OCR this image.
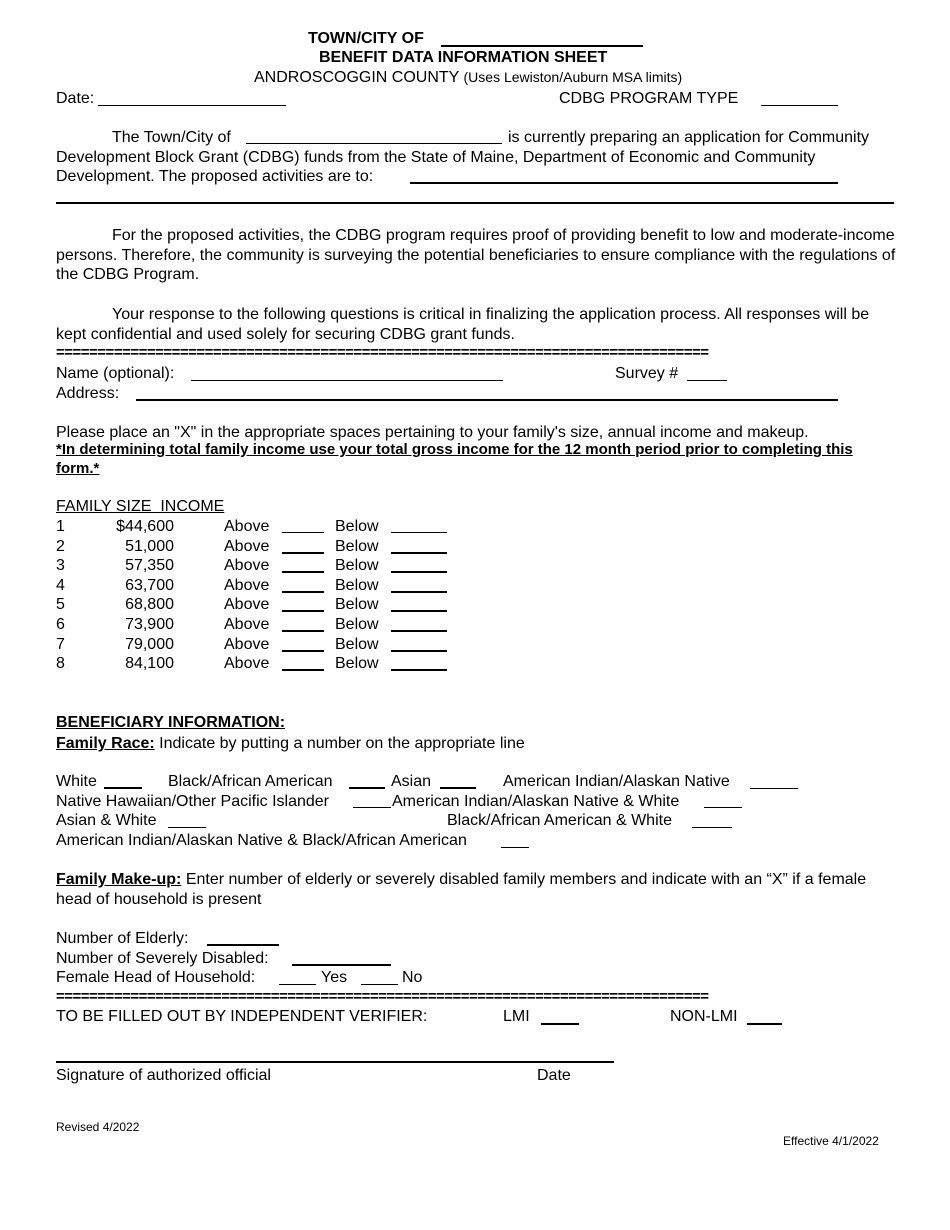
TOWN/CITY OF
BENEFIT DATA INFORMATION SHEET
ANDROSCOGGIN COUNTY (Uses Lewiston/Auburn MSA limits)
Date:	CDBG PROGRAM TYPE
The Town/City of	is currently preparing an application for Community
Development Block Grant (CDBG) funds from the State of Maine, Department of Economic and Community
Development. The proposed activities are to:
For the proposed activities, the CDBG program requires proof of providing benefit to low and moderate-income persons. Therefore, the community is surveying the potential beneficiaries to ensure compliance with the regulations of the CDBG Program.
Your response to the following questions is critical in finalizing the application process. All responses will be kept confidential and used solely for securing CDBG grant funds.
===============================================================================
Name (optional):	Survey #
Address:
Please place an "X" in the appropriate spaces pertaining to your family's size, annual income and makeup.
*In determining total family income use your total gross income for the 12 month period prior to completing this form.*
FAMILY SIZE  INCOME
1	$44,600	Above	Below
2	51,000	Above	Below
3	57,350	Above	Below
4	63,700	Above	Below
5	68,800	Above	Below
6	73,900	Above	Below
7	79,000	Above	Below
8	84,100	Above	Below
BENEFICIARY INFORMATION:
Family Race: Indicate by putting a number on the appropriate line
White	Black/African American	Asian	American Indian/Alaskan Native
Native Hawaiian/Other Pacific Islander	American Indian/Alaskan Native & White
Asian & White	Black/African American & White
American Indian/Alaskan Native & Black/African American
Family Make-up: Enter number of elderly or severely disabled family members and indicate with an “X” if a female head of household is present
Number of Elderly:
Number of Severely Disabled:
Female Head of Household:	Yes	No
===============================================================================
TO BE FILLED OUT BY INDEPENDENT VERIFIER:	LMI	NON-LMI
Signature of authorized official	Date
Revised 4/2022
Effective 4/1/2022
